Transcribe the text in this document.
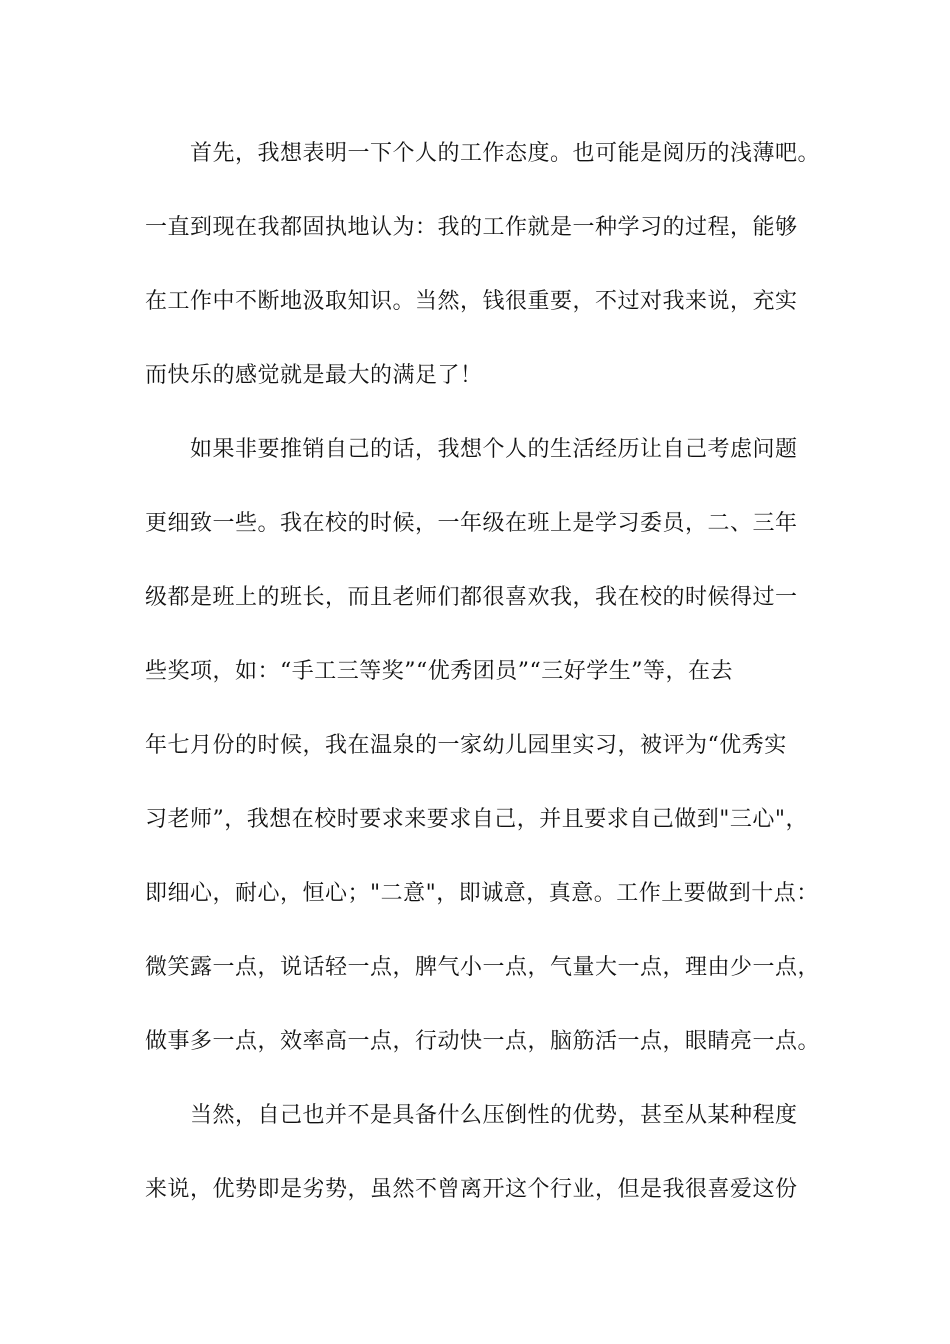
首先，我想表明一下个人的工作态度。也可能是阅历的浅薄吧。
一直到现在我都固执地认为：我的工作就是一种学习的过程，能够
在工作中不断地汲取知识。当然，钱很重要，不过对我来说，充实
而快乐的感觉就是最大的满足了！
如果非要推销自己的话，我想个人的生活经历让自己考虑问题
更细致一些。我在校的时候，一年级在班上是学习委员，二、三年
级都是班上的班长，而且老师们都很喜欢我，我在校的时候得过一
些奖项，如：“手工三等奖”“优秀团员”“三好学生”等，在去
年七月份的时候，我在温泉的一家幼儿园里实习，被评为“优秀实
习老师”，我想在校时要求来要求自己，并且要求自己做到"三心"，
即细心，耐心，恒心；"二意"，即诚意，真意。工作上要做到十点：
微笑露一点，说话轻一点，脾气小一点，气量大一点，理由少一点，
做事多一点，效率高一点，行动快一点，脑筋活一点，眼睛亮一点。
当然，自己也并不是具备什么压倒性的优势，甚至从某种程度
来说，优势即是劣势，虽然不曾离开这个行业，但是我很喜爱这份
